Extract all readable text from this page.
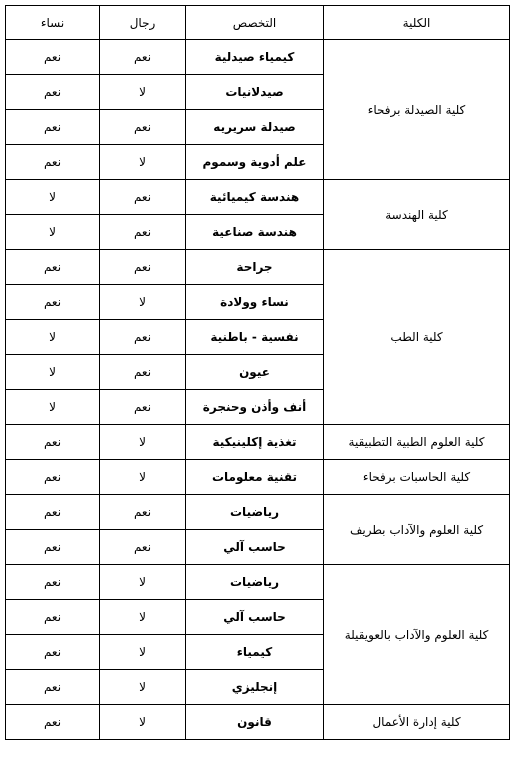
الكلية	التخصص	رجال	نساء
كلية الصيدلة برفحاء	كيمياء صيدلية	نعم	نعم
	صيدلانيات	لا	نعم
	صيدلة سريريه	نعم	نعم
	علم أدوية وسموم	لا	نعم
كلية الهندسة	هندسة كيميائية	نعم	لا
	هندسة صناعية	نعم	لا
كلية الطب	جراحة	نعم	نعم
	نساء وولادة	لا	نعم
	نفسية - باطنية	نعم	لا
	عيون	نعم	لا
	أنف وأذن وحنجرة	نعم	لا
كلية العلوم الطبية التطبيقية	تغذية إكلينيكية	لا	نعم
كلية الحاسبات برفحاء	تقنية معلومات	لا	نعم
كلية العلوم والآداب بطريف	رياضيات	نعم	نعم
	حاسب آلي	نعم	نعم
كلية العلوم والآداب بالعويقيلة	رياضيات	لا	نعم
	حاسب آلي	لا	نعم
	كيمياء	لا	نعم
	إنجليزي	لا	نعم
كلية إدارة الأعمال	قانون	لا	نعم
